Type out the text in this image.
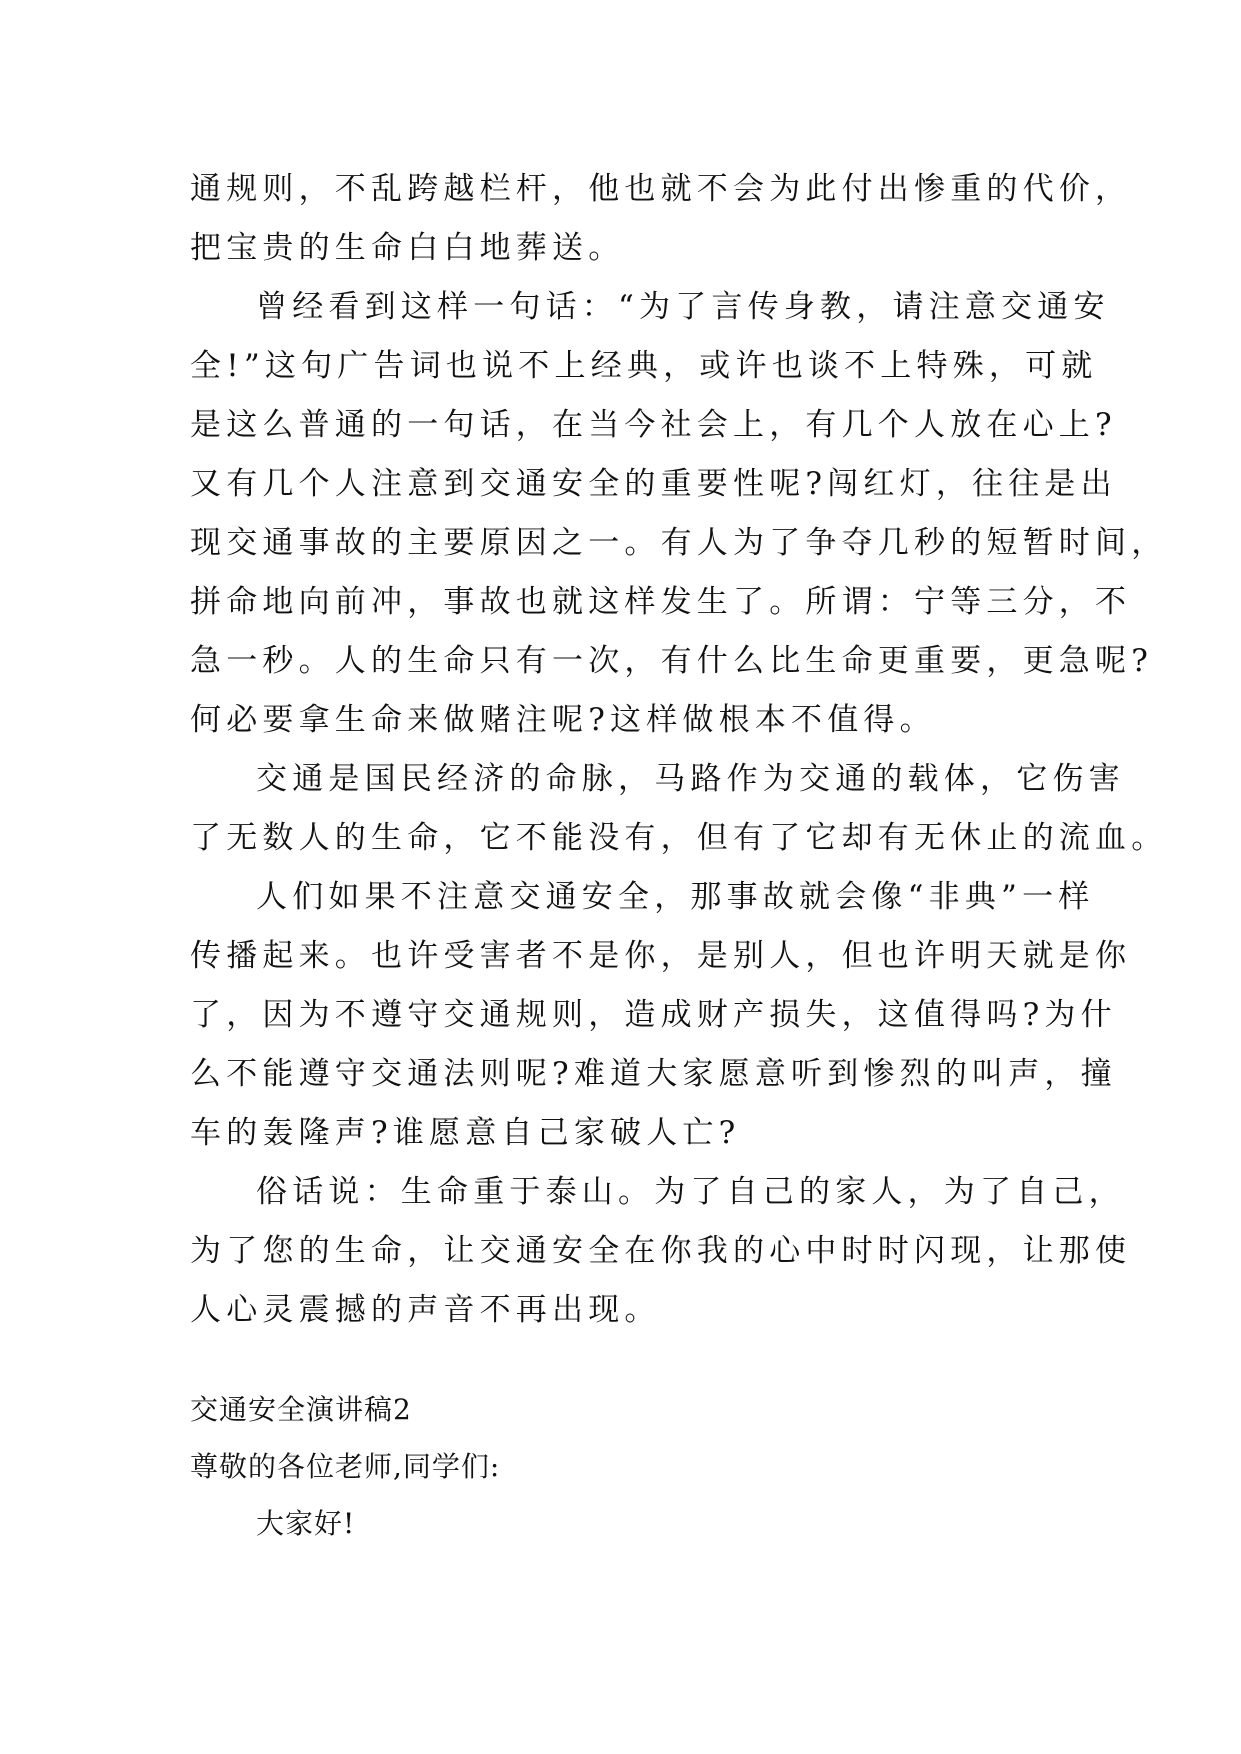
通规则，不乱跨越栏杆，他也就不会为此付出惨重的代价，
把宝贵的生命白白地葬送。
曾经看到这样一句话：“为了言传身教，请注意交通安
全!”这句广告词也说不上经典，或许也谈不上特殊，可就
是这么普通的一句话，在当今社会上，有几个人放在心上?
又有几个人注意到交通安全的重要性呢?闯红灯，往往是出
现交通事故的主要原因之一。有人为了争夺几秒的短暂时间，
拼命地向前冲，事故也就这样发生了。所谓：宁等三分，不
急一秒。人的生命只有一次，有什么比生命更重要，更急呢?
何必要拿生命来做赌注呢?这样做根本不值得。
交通是国民经济的命脉，马路作为交通的载体，它伤害
了无数人的生命，它不能没有，但有了它却有无休止的流血。
人们如果不注意交通安全，那事故就会像“非典”一样
传播起来。也许受害者不是你，是别人，但也许明天就是你
了，因为不遵守交通规则，造成财产损失，这值得吗?为什
么不能遵守交通法则呢?难道大家愿意听到惨烈的叫声，撞
车的轰隆声?谁愿意自己家破人亡?
俗话说：生命重于泰山。为了自己的家人，为了自己，
为了您的生命，让交通安全在你我的心中时时闪现，让那使
人心灵震撼的声音不再出现。
交通安全演讲稿2
尊敬的各位老师,同学们:
大家好!
